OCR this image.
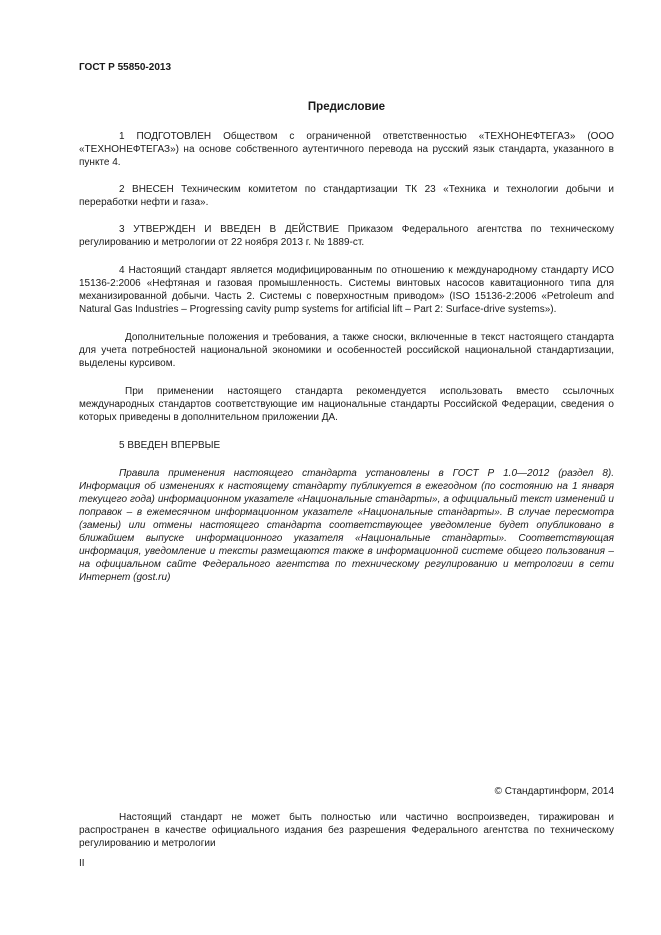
ГОСТ Р 55850-2013
Предисловие

1 ПОДГОТОВЛЕН Обществом с ограниченной ответственностью «ТЕХНОНЕФТЕГАЗ» (ООО «ТЕХНОНЕФТЕГАЗ») на основе собственного аутентичного перевода на русский язык стандарта, указанного в пункте 4.

2 ВНЕСЕН Техническим комитетом по стандартизации ТК 23 «Техника и технологии добычи и переработки нефти и газа».

3 УТВЕРЖДЕН И ВВЕДЕН В ДЕЙСТВИЕ Приказом Федерального агентства по техническому регулированию и метрологии от 22 ноября 2013 г. № 1889-ст.

4 Настоящий стандарт является модифицированным по отношению к международному стандарту ИСО 15136-2:2006 «Нефтяная и газовая промышленность. Системы винтовых насосов кавитационного типа для механизированной добычи. Часть 2. Системы с поверхностным приводом» (ISO 15136-2:2006 «Petroleum and Natural Gas Industries – Progressing cavity pump systems for artificial lift – Part 2: Surface-drive systems»).

Дополнительные положения и требования, а также сноски, включенные в текст настоящего стандарта для учета потребностей национальной экономики и особенностей российской национальной стандартизации, выделены курсивом.

При применении настоящего стандарта рекомендуется использовать вместо ссылочных международных стандартов соответствующие им национальные стандарты Российской Федерации, сведения о которых приведены в дополнительном приложении ДА.

5 ВВЕДЕН ВПЕРВЫЕ

Правила применения настоящего стандарта установлены в ГОСТ Р 1.0—2012 (раздел 8). Информация об изменениях к настоящему стандарту публикуется в ежегодном (по состоянию на 1 января текущего года) информационном указателе «Национальные стандарты», а официальный текст изменений и поправок – в ежемесячном информационном указателе «Национальные стандарты». В случае пересмотра (замены) или отмены настоящего стандарта соответствующее уведомление будет опубликовано в ближайшем выпуске информационного указателя «Национальные стандарты». Соответствующая информация, уведомление и тексты размещаются также в информационной системе общего пользования – на официальном сайте Федерального агентства по техническому регулированию и метрологии в сети Интернет (gost.ru)

© Стандартинформ, 2014

Настоящий стандарт не может быть полностью или частично воспроизведен, тиражирован и распространен в качестве официального издания без разрешения Федерального агентства по техническому регулированию и метрологии

II
